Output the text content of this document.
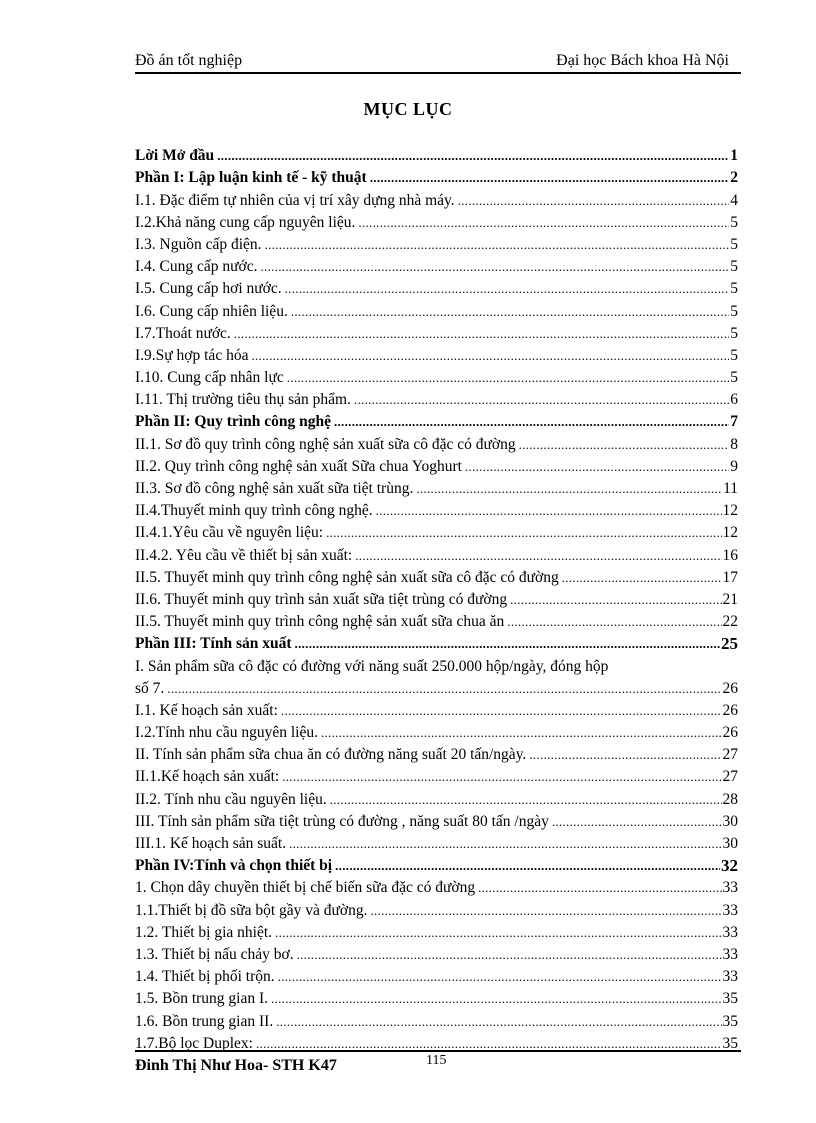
Đồ án tốt nghiệp	Đại học Bách khoa Hà Nội
MỤC LỤC
Lời Mở đầu .....	1
Phần I: Lập luận kinh tế - kỹ thuật .....	2
I.1. Đặc điểm tự nhiên của vị trí xây dựng nhà máy. .....	4
I.2.Khả năng cung cấp nguyên liệu. .....	5
I.3. Nguồn cấp điện. .....	5
I.4. Cung cấp nước. .....	5
I.5. Cung cấp hơi nước. .....	5
I.6. Cung cấp nhiên liệu. .....	5
I.7.Thoát nước. .....	5
I.9.Sự hợp tác hóa .....	5
I.10. Cung cấp nhân lực .....	5
I.11. Thị trường tiêu thụ sản phẩm. .....	6
Phần II: Quy trình công nghệ .....	7
II.1. Sơ đồ quy trình công nghệ sản xuất sữa cô đặc có đường .....	8
II.2. Quy trình công nghệ sản xuất Sữa chua Yoghurt .....	9
II.3. Sơ đồ công nghệ sản xuất sữa tiệt trùng. .....	11
II.4.Thuyết minh quy trình công nghệ. .....	12
II.4.1.Yêu cầu về nguyên liệu: .....	12
II.4.2. Yêu cầu về thiết bị sản xuất: .....	16
II.5. Thuyết minh quy trình công nghệ sản xuất sữa cô đặc có đường .....	17
II.6. Thuyết minh quy trình sản xuất sữa tiệt trùng có đường .....	21
II.5. Thuyết minh quy trình công nghệ sản xuất sữa chua ăn .....	22
Phần III: Tính sản xuất .....	25
I. Sản phẩm sữa cô đặc có đường với năng suất 250.000 hộp/ngày, đóng hộp
số 7. .....	26
I.1. Kế hoạch sản xuất: .....	26
I.2.Tính nhu cầu nguyên liệu. .....	26
II. Tính sản phẩm sữa chua ăn có đường năng suất 20 tấn/ngày. .....	27
II.1.Kế hoạch sản xuất: .....	27
II.2. Tính nhu cầu nguyên liệu. .....	28
III. Tính sản phẩm sữa tiệt trùng có đường , năng suất 80 tấn /ngày .....	30
III.1. Kế hoạch sản suất. .....	30
Phần IV:Tính và chọn thiết bị .....	32
1. Chọn dây chuyền thiết bị chế biến sữa đặc có đường .....	33
1.1.Thiết bị đồ sữa bột gầy và đường. .....	33
1.2. Thiết bị gia nhiệt. .....	33
1.3. Thiết bị nấu chảy bơ. .....	33
1.4. Thiết bị phối trộn. .....	33
1.5. Bồn trung gian I. .....	35
1.6. Bồn trung gian II. .....	35
1.7.Bộ lọc Duplex: .....	35
Đinh Thị Như Hoa- STH K47	115
